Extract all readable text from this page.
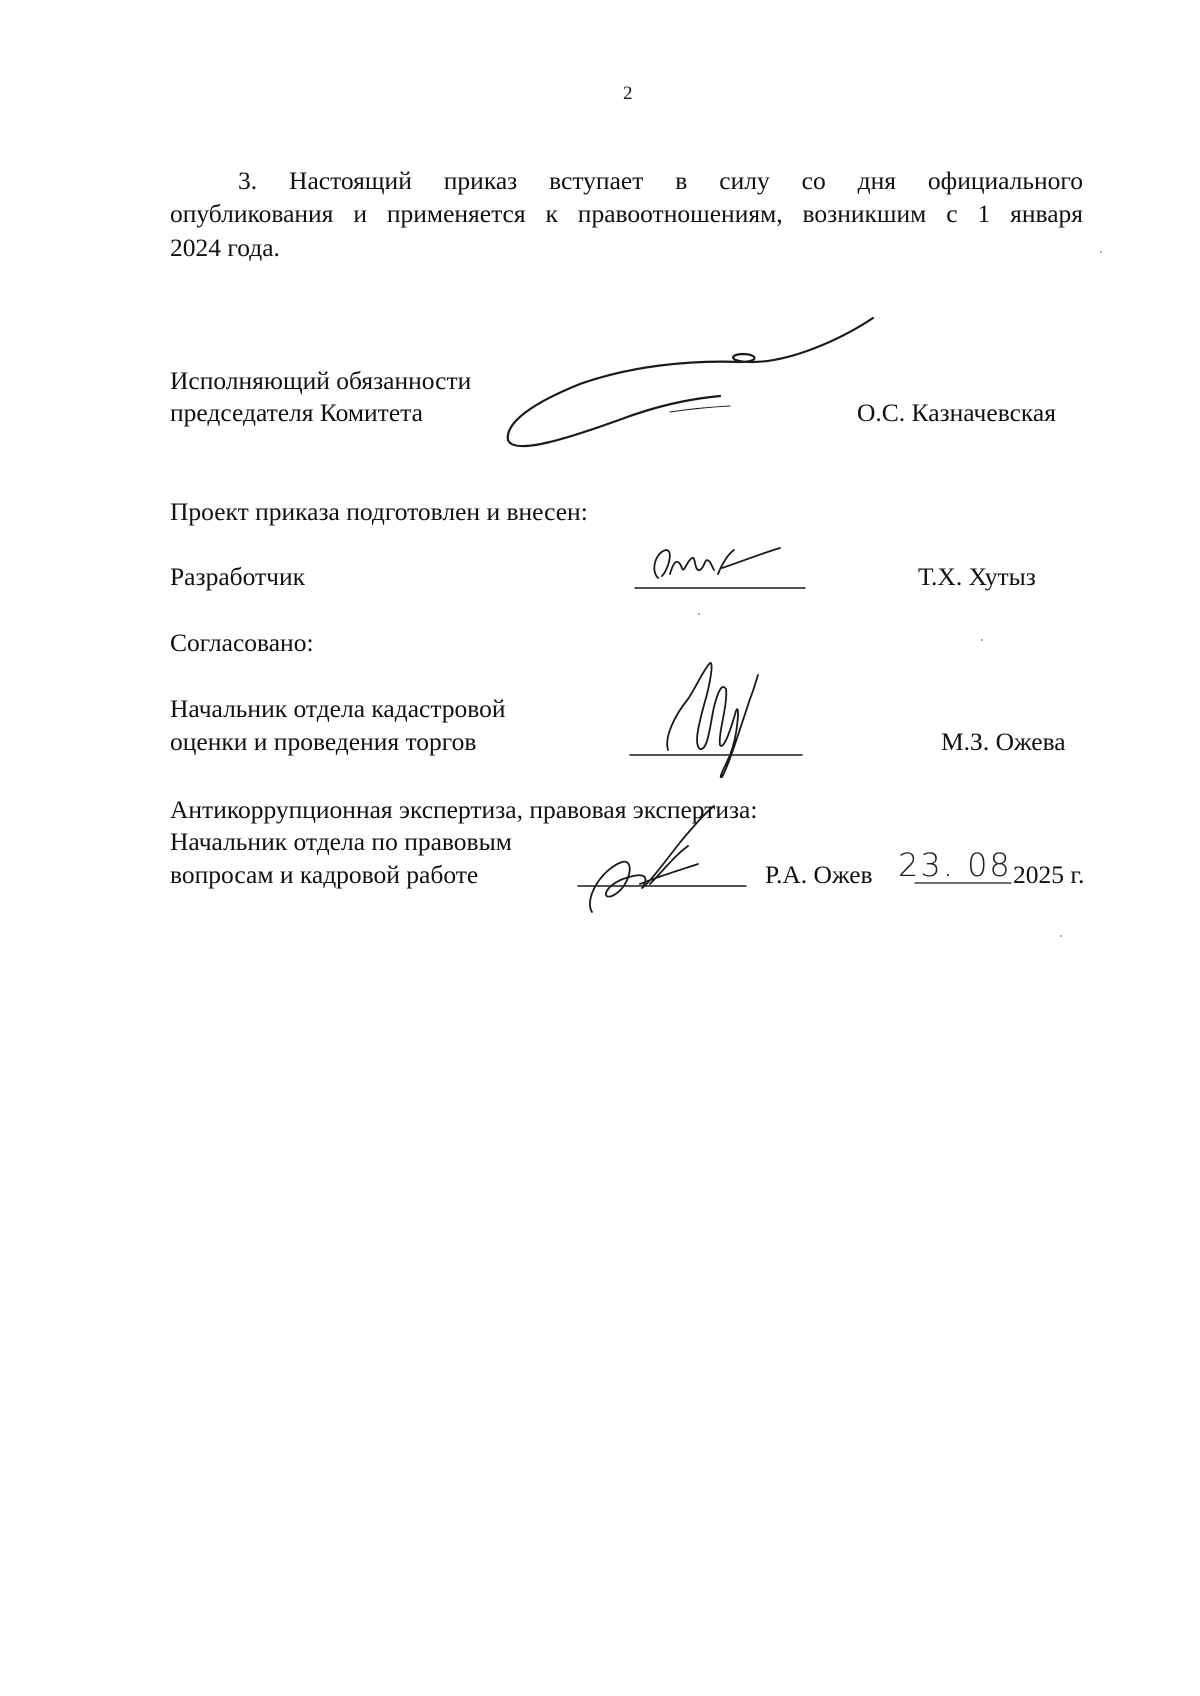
2
3. Настоящий приказ вступает в силу со дня официального
опубликования и применяется к правоотношениям, возникшим с 1 января
2024 года.
Исполняющий обязанности
председателя Комитета	О.С. Казначевская
Проект приказа подготовлен и внесен:
Разработчик	Т.Х. Хутыз
Согласовано:
Начальник отдела кадастровой
оценки и проведения торгов	М.З. Ожева
Антикоррупционная экспертиза, правовая экспертиза:
Начальник отдела по правовым
вопросам и кадровой работе	Р.А. Ожев 23. 08 2025 г.
